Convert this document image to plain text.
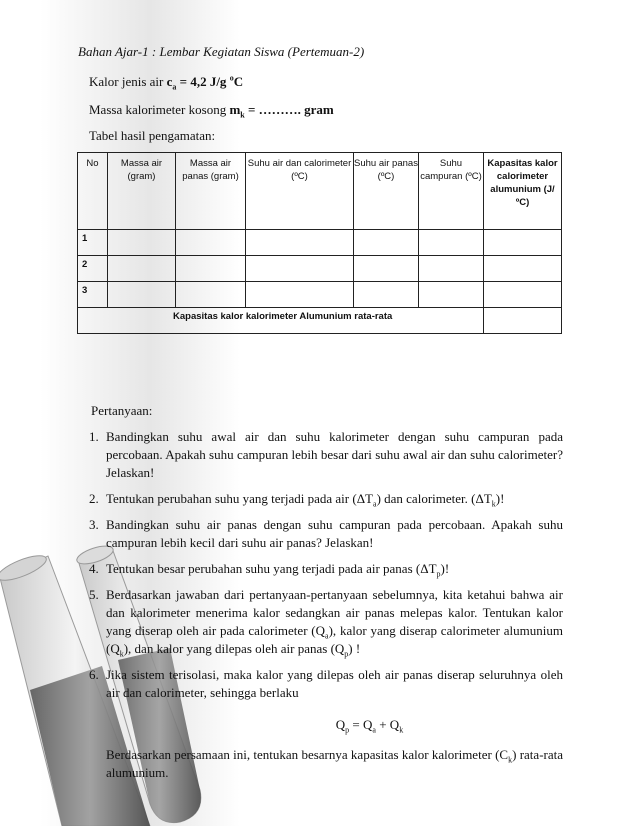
Bahan Ajar-1 : Lembar Kegiatan Siswa (Pertemuan-2)
Kalor jenis air $c_a = 4,2$ J/g $^o$C
Massa kalorimeter kosong $m_k$ = ………. gram
Tabel hasil pengamatan:
No	Massa air (gram)	Massa air panas (gram)	Suhu air dan calorimeter (ºC)	Suhu air panas (ºC)	Suhu campuran (ºC)	Kapasitas kalor calorimeter alumunium (J/ºC)
1						
2						
3						
Kapasitas kalor kalorimeter Alumunium rata-rata						
Pertanyaan:
1. Bandingkan suhu awal air dan suhu kalorimeter dengan suhu campuran pada percobaan. Apakah suhu campuran lebih besar dari suhu awal air dan suhu calorimeter? Jelaskan!
2. Tentukan perubahan suhu yang terjadi pada air $(\Delta T_a)$ dan calorimeter. $(\Delta T_k)$!
3. Bandingkan suhu air panas dengan suhu campuran pada percobaan. Apakah suhu campuran lebih kecil dari suhu air panas? Jelaskan!
4. Tentukan besar perubahan suhu yang terjadi pada air panas $(\Delta T_p)$!
5. Berdasarkan jawaban dari pertanyaan-pertanyaan sebelumnya, kita ketahui bahwa air dan kalorimeter menerima kalor sedangkan air panas melepas kalor. Tentukan kalor yang diserap oleh air pada calorimeter $(Q_a)$, kalor yang diserap calorimeter alumunium $(Q_k)$, dan kalor yang dilepas oleh air panas $(Q_p)$ !
6. Jika sistem terisolasi, maka kalor yang dilepas oleh air panas diserap seluruhnya oleh air dan calorimeter, sehingga berlaku
$Q_p = Q_a + Q_k$
Berdasarkan persamaan ini, tentukan besarnya kapasitas kalor kalorimeter $(C_k)$ rata-rata alumunium.
